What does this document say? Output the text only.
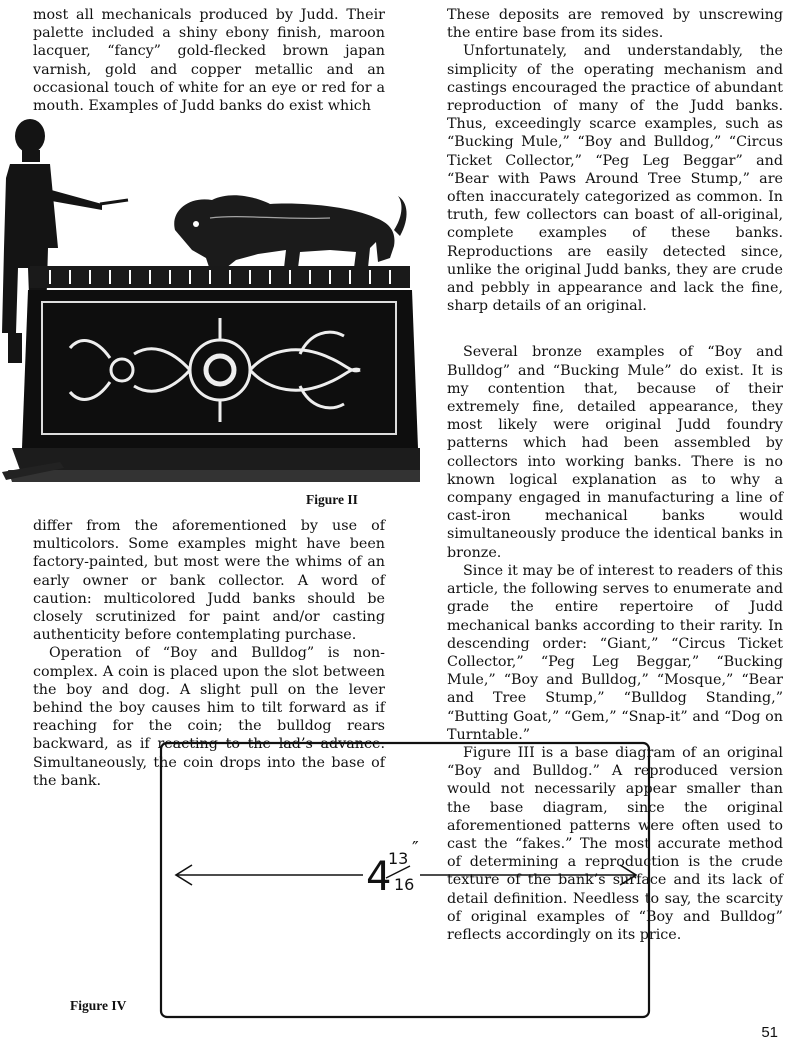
most all mechanicals produced by Judd. Their palette included a shiny ebony finish, maroon lacquer, “fancy” gold-flecked brown japan varnish, gold and copper metallic and an occasional touch of white for an eye or red for a mouth. Examples of Judd banks do exist which

Figure II

differ from the aforementioned by use of multicolors. Some examples might have been factory-painted, but most were the whims of an early owner or bank collector. A word of caution: multicolored Judd banks should be closely scrutinized for paint and/or casting authenticity before contemplating purchase.

Operation of “Boy and Bulldog” is non-complex. A coin is placed upon the slot between the boy and dog. A slight pull on the lever behind the boy causes him to tilt forward as if reaching for the coin; the bulldog rears backward, as if reacting to the lad’s advance. Simultaneously, the coin drops into the base of the bank.

These deposits are removed by unscrewing the entire base from its sides.

Unfortunately, and understandably, the simplicity of the operating mechanism and castings encouraged the practice of abundant reproduction of many of the Judd banks. Thus, exceedingly scarce examples, such as “Bucking Mule,” “Boy and Bulldog,” “Circus Ticket Collector,” “Peg Leg Beggar” and “Bear with Paws Around Tree Stump,” are often inaccurately categorized as common. In truth, few collectors can boast of all-original, complete examples of these banks. Reproductions are easily detected since, unlike the original Judd banks, they are crude and pebbly in appearance and lack the fine, sharp details of an original.

Several bronze examples of “Boy and Bulldog” and “Bucking Mule” do exist. It is my contention that, because of their extremely fine, detailed appearance, they most likely were original Judd foundry patterns which had been assembled by collectors into working banks. There is no known logical explanation as to why a company engaged in manufacturing a line of cast-iron mechanical banks would simultaneously produce the identical banks in bronze.

Since it may be of interest to readers of this article, the following serves to enumerate and grade the entire repertoire of Judd mechanical banks according to their rarity. In descending order: “Giant,” “Circus Ticket Collector,” “Peg Leg Beggar,” “Bucking Mule,” “Boy and Bulldog,” “Mosque,” “Bear and Tree Stump,” “Bulldog Standing,” “Butting Goat,” “Gem,” “Snap-it” and “Dog on Turntable.”

Figure III is a base diagram of an original “Boy and Bulldog.” A reproduced version would not necessarily appear smaller than the base diagram, since the original aforementioned patterns were often used to cast the “fakes.” The most accurate method of determining a reproduction is the crude texture of the bank’s surface and its lack of detail definition. Needless to say, the scarcity of original examples of “Boy and Bulldog” reflects accordingly on its price.

4
13
16
″
Figure IV
51
